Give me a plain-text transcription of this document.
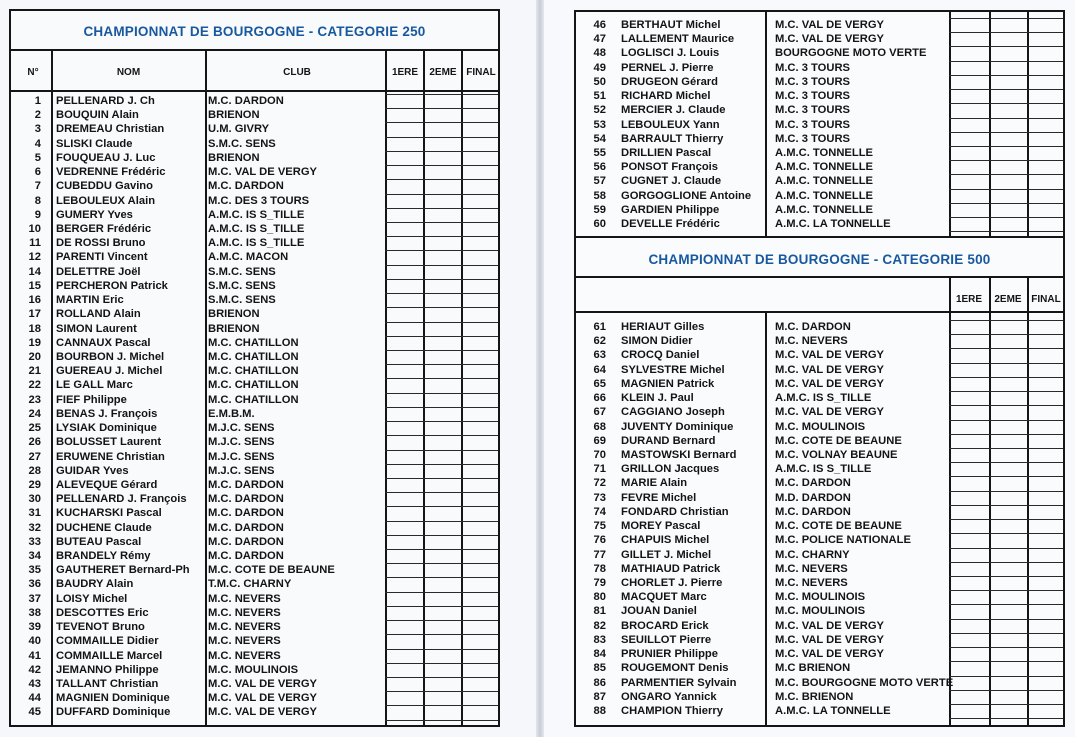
CHAMPIONNAT DE BOURGOGNE - CATEGORIE 250
N°	NOM	CLUB	1ERE	2EME FINAL
1 PELLENARD J. Ch	M.C. DARDON
2 BOUQUIN Alain	BRIENON
3 DREMEAU Christian	U.M. GIVRY
4 SLISKI Claude	S.M.C. SENS
5 FOUQUEAU J. Luc	BRIENON
6 VEDRENNE Frédéric	M.C. VAL DE VERGY
7 CUBEDDU Gavino	M.C. DARDON
8 LEBOULEUX Alain	M.C. DES 3 TOURS
9 GUMERY Yves	A.M.C. IS S_TILLE
10 BERGER Frédéric	A.M.C. IS S_TILLE
11 DE ROSSI Bruno	A.M.C. IS S_TILLE
12 PARENTI Vincent	A.M.C. MACON
14 DELETTRE Joël	S.M.C. SENS
15 PERCHERON Patrick	S.M.C. SENS
16 MARTIN Eric	S.M.C. SENS
17 ROLLAND Alain	BRIENON
18 SIMON Laurent	BRIENON
19 CANNAUX Pascal	M.C. CHATILLON
20 BOURBON J. Michel	M.C. CHATILLON
21 GUEREAU J. Michel	M.C. CHATILLON
22 LE GALL Marc	M.C. CHATILLON
23 FIEF Philippe	M.C. CHATILLON
24 BENAS J. François	E.M.B.M.
25 LYSIAK Dominique	M.J.C. SENS
26 BOLUSSET Laurent	M.J.C. SENS
27 ERUWENE Christian	M.J.C. SENS
28 GUIDAR Yves	M.J.C. SENS
29 ALEVEQUE Gérard	M.C. DARDON
30 PELLENARD J. François M.C. DARDON
31 KUCHARSKI Pascal	M.C. DARDON
32 DUCHENE Claude	M.C. DARDON
33 BUTEAU Pascal	M.C. DARDON
34 BRANDELY Rémy	M.C. DARDON
35 GAUTHERET Bernard-Ph M.C. COTE DE BEAUNE
36 BAUDRY Alain	T.M.C. CHARNY
37 LOISY Michel	M.C. NEVERS
38 DESCOTTES Eric	M.C. NEVERS
39 TEVENOT Bruno	M.C. NEVERS
40 COMMAILLE Didier	M.C. NEVERS
41 COMMAILLE Marcel	M.C. NEVERS
42 JEMANNO Philippe	M.C. MOULINOIS
43 TALLANT Christian	M.C. VAL DE VERGY
44 MAGNIEN Dominique	M.C. VAL DE VERGY
45 DUFFARD Dominique	M.C. VAL DE VERGY
46 BERTHAUT Michel	M.C. VAL DE VERGY
47 LALLEMENT Maurice	M.C. VAL DE VERGY
48 LOGLISCI J. Louis	BOURGOGNE MOTO VERTE
49 PERNEL J. Pierre	M.C. 3 TOURS
50 DRUGEON Gérard	M.C. 3 TOURS
51 RICHARD Michel	M.C. 3 TOURS
52 MERCIER J. Claude	M.C. 3 TOURS
53 LEBOULEUX Yann	M.C. 3 TOURS
54 BARRAULT Thierry	M.C. 3 TOURS
55 DRILLIEN Pascal	A.M.C. TONNELLE
56 PONSOT François	A.M.C. TONNELLE
57 CUGNET J. Claude	A.M.C. TONNELLE
58 GORGOGLIONE Antoine A.M.C. TONNELLE
59 GARDIEN Philippe	A.M.C. TONNELLE
60 DEVELLE Frédéric	A.M.C. LA TONNELLE
CHAMPIONNAT DE BOURGOGNE - CATEGORIE 500
1ERE	2EME FINAL
61 HERIAUT Gilles	M.C. DARDON
62 SIMON Didier	M.C. NEVERS
63 CROCQ Daniel	M.C. VAL DE VERGY
64 SYLVESTRE Michel	M.C. VAL DE VERGY
65 MAGNIEN Patrick	M.C. VAL DE VERGY
66 KLEIN J. Paul	A.M.C. IS S_TILLE
67 CAGGIANO Joseph	M.C. VAL DE VERGY
68 JUVENTY Dominique	M.C. MOULINOIS
69 DURAND Bernard	M.C. COTE DE BEAUNE
70 MASTOWSKI Bernard	M.C. VOLNAY BEAUNE
71 GRILLON Jacques	A.M.C. IS S_TILLE
72 MARIE Alain	M.C. DARDON
73 FEVRE Michel	M.D. DARDON
74 FONDARD Christian	M.C. DARDON
75 MOREY Pascal	M.C. COTE DE BEAUNE
76 CHAPUIS Michel	M.C. POLICE NATIONALE
77 GILLET J. Michel	M.C. CHARNY
78 MATHIAUD Patrick	M.C. NEVERS
79 CHORLET J. Pierre	M.C. NEVERS
80 MACQUET Marc	M.C. MOULINOIS
81 JOUAN Daniel	M.C. MOULINOIS
82 BROCARD Erick	M.C. VAL DE VERGY
83 SEUILLOT Pierre	M.C. VAL DE VERGY
84 PRUNIER Philippe	M.C. VAL DE VERGY
85 ROUGEMONT Denis	M.C BRIENON
86 PARMENTIER Sylvain	M.C. BOURGOGNE MOTO VERTE
87 ONGARO Yannick	M.C. BRIENON
88 CHAMPION Thierry	A.M.C. LA TONNELLE
